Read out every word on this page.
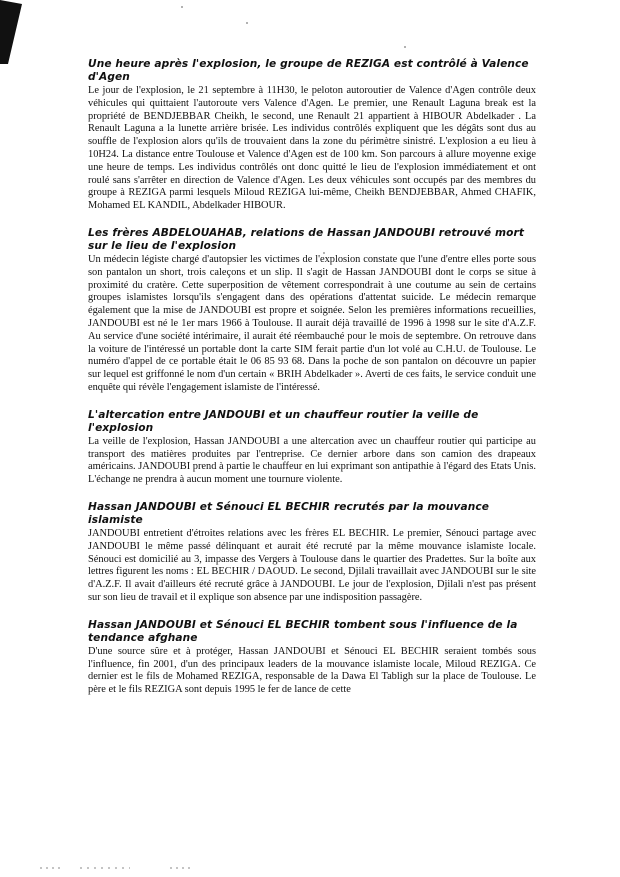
Une heure après l'explosion, le groupe de REZIGA est contrôlé à Valence d'Agen

Le jour de l'explosion, le 21 septembre à 11H30, le peloton autoroutier de Valence d'Agen contrôle deux véhicules qui quittaient l'autoroute vers Valence d'Agen. Le premier, une Renault Laguna break est la propriété de BENDJEBBAR Cheikh, le second, une Renault 21 appartient à HIBOUR Abdelkader . La Renault Laguna a la lunette arrière brisée. Les individus contrôlés expliquent que les dégâts sont dus au souffle de l'explosion alors qu'ils de trouvaient dans la zone du périmètre sinistré. L'explosion a eu lieu à 10H24. La distance entre Toulouse et Valence d'Agen est de 100 km. Son parcours à allure moyenne exige une heure de temps. Les individus contrôlés ont donc quitté le lieu de l'explosion immédiatement et ont roulé sans s'arrêter en direction de Valence d'Agen. Les deux véhicules sont occupés par des membres du groupe à REZIGA parmi lesquels Miloud REZIGA lui-même, Cheikh BENDJEBBAR, Ahmed CHAFIK, Mohamed EL KANDIL, Abdelkader HIBOUR.

Les frères ABDELOUAHAB, relations de Hassan JANDOUBI retrouvé mort sur le lieu de l'explosion

Un médecin légiste chargé d'autopsier les victimes de l'explosion constate que l'une d'entre elles porte sous son pantalon un short, trois caleçons et un slip. Il s'agit de Hassan JANDOUBI dont le corps se situe à proximité du cratère. Cette superposition de vêtement correspondrait à une coutume au sein de certains groupes islamistes lorsqu'ils s'engagent dans des opérations d'attentat suicide. Le médecin remarque également que la mise de JANDOUBI est propre et soignée. Selon les premières informations recueillies, JANDOUBI est né le 1er mars 1966 à Toulouse. Il aurait déjà travaillé de 1996 à 1998 sur le site d'A.Z.F. Au service d'une société intérimaire, il aurait été réembauché pour le mois de septembre. On retrouve dans la voiture de l'intéressé un portable dont la carte SIM ferait partie d'un lot volé au C.H.U. de Toulouse. Le numéro d'appel de ce portable était le 06 85 93 68. Dans la poche de son pantalon on découvre un papier sur lequel est griffonné le nom d'un certain « BRIH Abdelkader ». Averti de ces faits, le service conduit une enquête qui révèle l'engagement islamiste de l'intéressé.

L'altercation entre JANDOUBI et un chauffeur routier la veille de l'explosion

La veille de l'explosion, Hassan JANDOUBI a une altercation avec un chauffeur routier qui participe au transport des matières produites par l'entreprise. Ce dernier arbore dans son camion des drapeaux américains. JANDOUBI prend à partie le chauffeur en lui exprimant son antipathie à l'égard des Etats Unis. L'échange ne prendra à aucun moment une tournure violente.

Hassan JANDOUBI et Sénouci EL BECHIR recrutés par la mouvance islamiste

JANDOUBI entretient d'étroites relations avec les frères EL BECHIR. Le premier, Sénouci partage avec JANDOUBI le même passé délinquant et aurait été recruté par la même mouvance islamiste locale. Sénouci est domicilié au 3, impasse des Vergers à Toulouse dans le quartier des Pradettes. Sur la boîte aux lettres figurent les noms : EL BECHIR / DAOUD. Le second, Djilali travaillait avec JANDOUBI sur le site d'A.Z.F. Il avait d'ailleurs été recruté grâce à JANDOUBI. Le jour de l'explosion, Djilali n'est pas présent sur son lieu de travail et il explique son absence par une indisposition passagère.

Hassan JANDOUBI et Sénouci EL BECHIR tombent sous l'influence de la tendance afghane

D'une source sûre et à protéger, Hassan JANDOUBI et Sénouci EL BECHIR seraient tombés sous l'influence, fin 2001, d'un des principaux leaders de la mouvance islamiste locale, Miloud REZIGA. Ce dernier est le fils de Mohamed REZIGA, responsable de la Dawa El Tabligh sur la place de Toulouse. Le père et le fils REZIGA sont depuis 1995 le fer de lance de cette
